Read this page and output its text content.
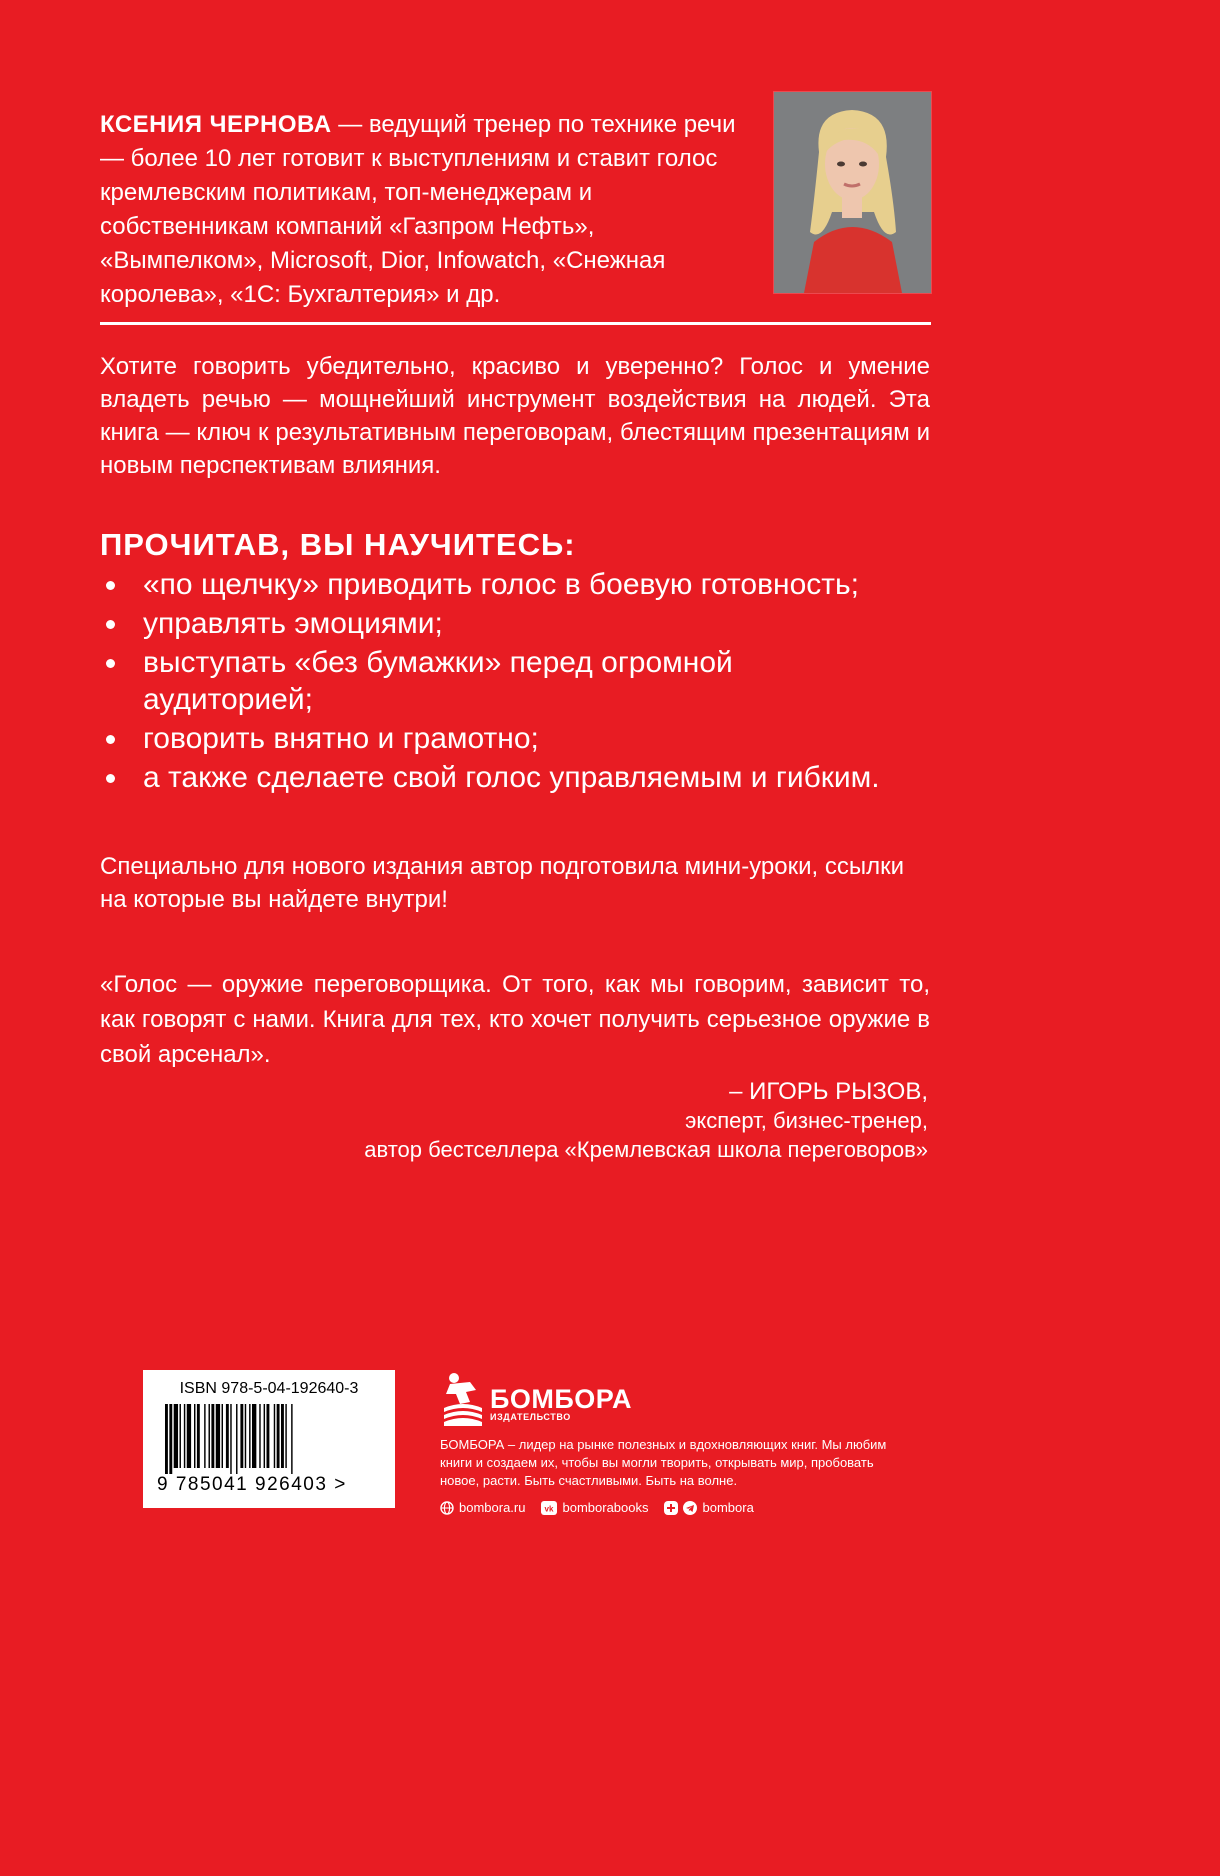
КСЕНИЯ ЧЕРНОВА — ведущий тренер по технике речи — более 10 лет готовит к выступлениям и ставит голос кремлевским политикам, топ-менеджерам и собственникам компаний «Газпром Нефть», «Вымпелком», Microsoft, Dior, Infowatch, «Снежная королева», «1С: Бухгалтерия» и др.

Хотите говорить убедительно, красиво и уверенно? Голос и умение владеть речью — мощнейший инструмент воздействия на людей. Эта книга — ключ к результативным переговорам, блестящим презентациям и новым перспективам влияния.

ПРОЧИТАВ, ВЫ НАУЧИТЕСЬ:
«по щелчку» приводить голос в боевую готовность;
управлять эмоциями;
выступать «без бумажки» перед огромной аудиторией;
говорить внятно и грамотно;
а также сделаете свой голос управляемым и гибким.

Специально для нового издания автор подготовила мини-уроки, ссылки на которые вы найдете внутри!

«Голос — оружие переговорщика. От того, как мы говорим, зависит то, как говорят с нами. Книга для тех, кто хочет получить серьезное оружие в свой арсенал».

– ИГОРЬ РЫЗОВ,
эксперт, бизнес-тренер,
автор бестселлера «Кремлевская школа переговоров»
ISBN 978-5-04-192640-3
9 785041 926403 >
БОМБОРА
ИЗДАТЕЛЬСТВО

БОМБОРА – лидер на рынке полезных и вдохновляющих книг. Мы любим книги и создаем их, чтобы вы могли творить, открывать мир, пробовать новое, расти. Быть счастливыми. Быть на волне.

bombora.ru vk bomborabooks	bombora
